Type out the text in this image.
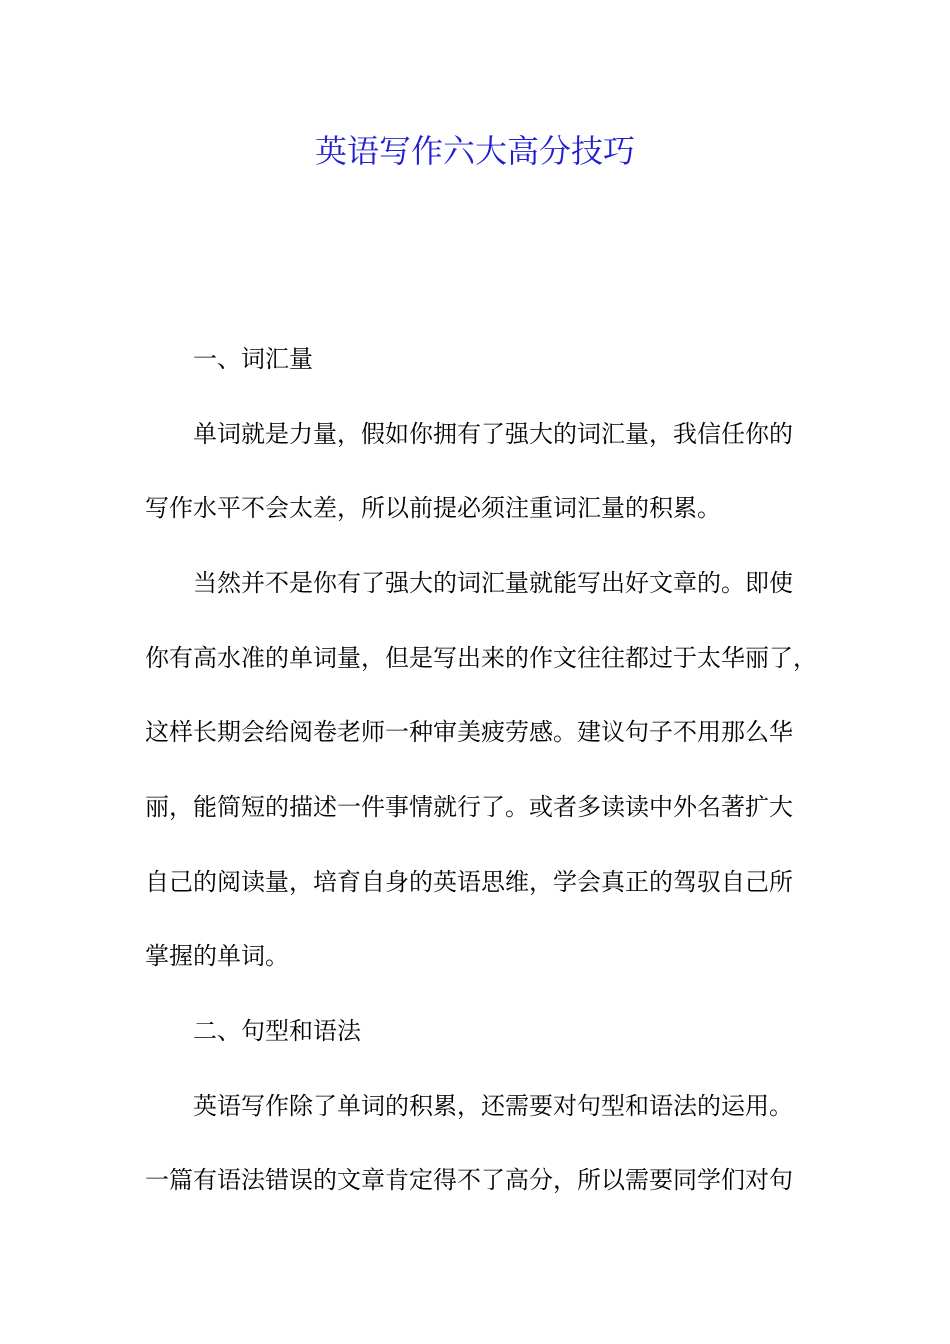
英语写作六大高分技巧

一、词汇量

单词就是力量，假如你拥有了强大的词汇量，我信任你的

写作水平不会太差，所以前提必须注重词汇量的积累。

当然并不是你有了强大的词汇量就能写出好文章的。即使

你有高水准的单词量，但是写出来的作文往往都过于太华丽了，

这样长期会给阅卷老师一种审美疲劳感。建议句子不用那么华

丽，能简短的描述一件事情就行了。或者多读读中外名著扩大

自己的阅读量，培育自身的英语思维，学会真正的驾驭自己所

掌握的单词。

二、句型和语法

英语写作除了单词的积累，还需要对句型和语法的运用。

一篇有语法错误的文章肯定得不了高分，所以需要同学们对句
